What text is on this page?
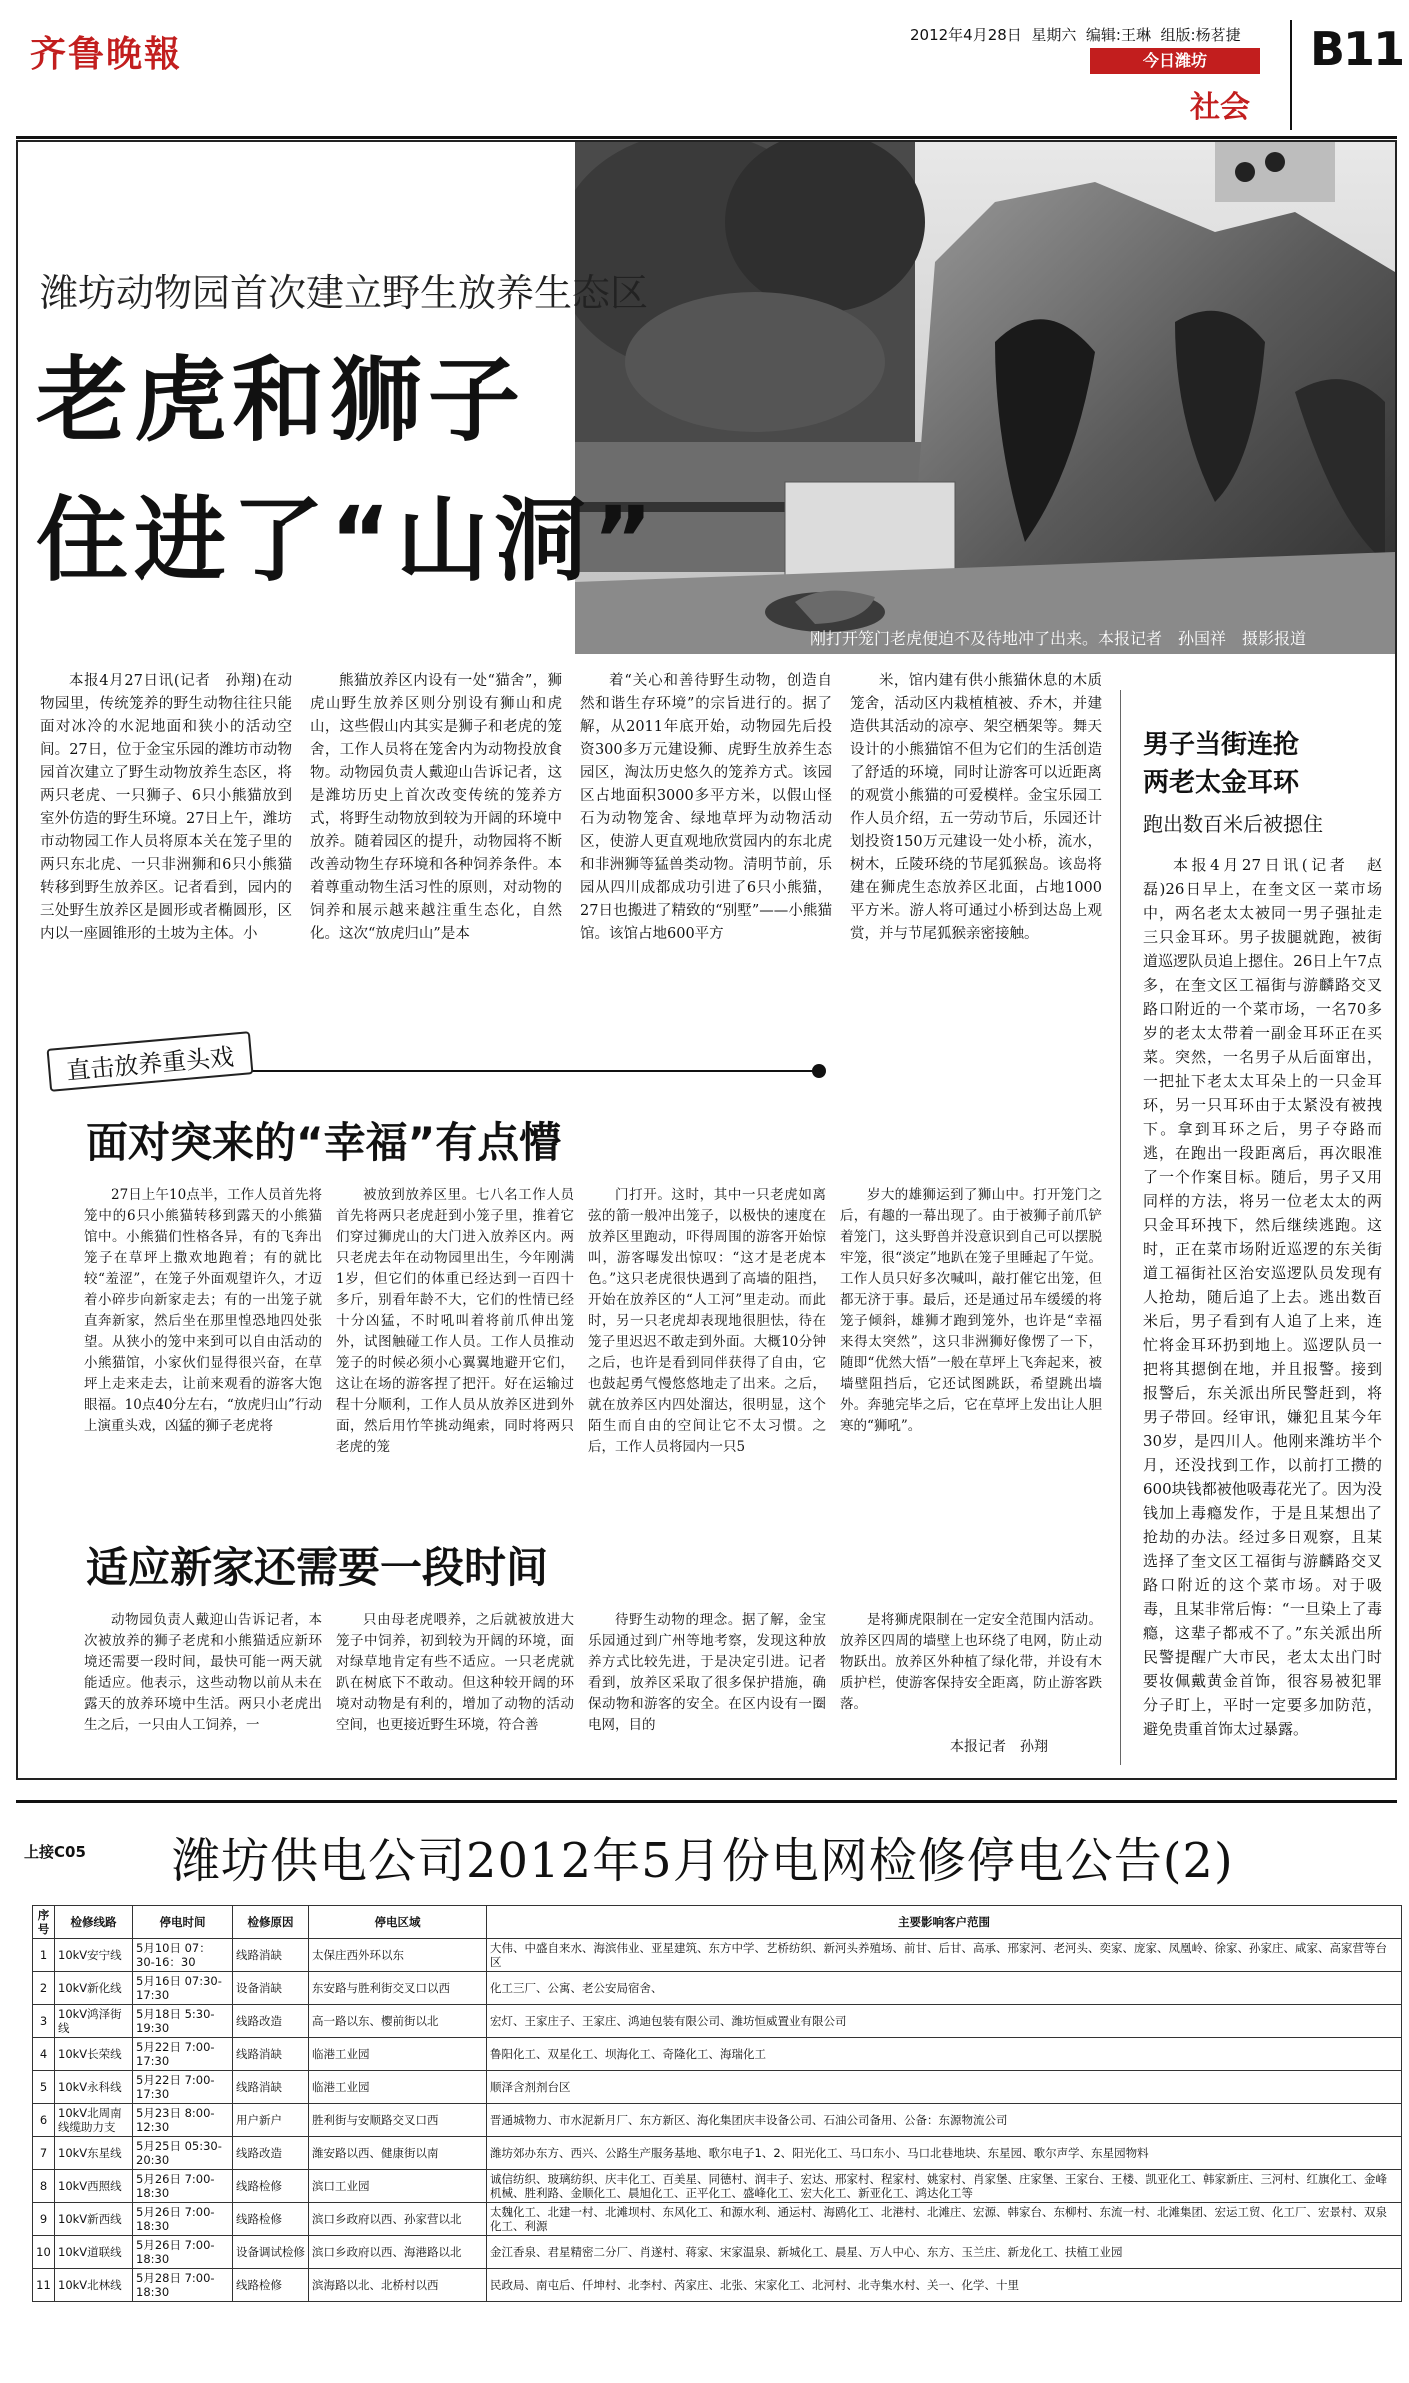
齐鲁晚報	2012年4月28日 星期六 编辑:王琳 组版:杨茗捷
今日潍坊
社会
B11
刚打开笼门老虎便迫不及待地冲了出来。本报记者　孙国祥　摄影报道
潍坊动物园首次建立野生放养生态区
老虎和狮子
住进了“山洞”

本报4月27日讯(记者　孙翔)在动物园里，传统笼养的野生动物往往只能面对冰冷的水泥地面和狭小的活动空间。27日，位于金宝乐园的潍坊市动物园首次建立了野生动物放养生态区，将两只老虎、一只狮子、6只小熊猫放到室外仿造的野生环境。27日上午，潍坊市动物园工作人员将原本关在笼子里的两只东北虎、一只非洲狮和6只小熊猫转移到野生放养区。记者看到，园内的三处野生放养区是圆形或者椭圆形，区内以一座圆锥形的土坡为主体。小

熊猫放养区内设有一处“猫舍”，狮虎山野生放养区则分别设有狮山和虎山，这些假山内其实是狮子和老虎的笼舍，工作人员将在笼舍内为动物投放食物。动物园负责人戴迎山告诉记者，这是潍坊历史上首次改变传统的笼养方式，将野生动物放到较为开阔的环境中放养。随着园区的提升，动物园将不断改善动物生存环境和各种饲养条件。本着尊重动物生活习性的原则，对动物的饲养和展示越来越注重生态化，自然化。这次“放虎归山”是本

着“关心和善待野生动物，创造自然和谐生存环境”的宗旨进行的。据了解，从2011年底开始，动物园先后投资300多万元建设狮、虎野生放养生态园区，淘汰历史悠久的笼养方式。该园区占地面积3000多平方米，以假山怪石为动物笼舍、绿地草坪为动物活动区，使游人更直观地欣赏园内的东北虎和非洲狮等猛兽类动物。清明节前，乐园从四川成都成功引进了6只小熊猫，27日也搬进了精致的“别墅”——小熊猫馆。该馆占地600平方

米，馆内建有供小熊猫休息的木质笼舍，活动区内栽植植被、乔木，并建造供其活动的凉亭、架空栖架等。舞天设计的小熊猫馆不但为它们的生活创造了舒适的环境，同时让游客可以近距离的观赏小熊猫的可爱模样。金宝乐园工作人员介绍，五一劳动节后，乐园还计划投资150万元建设一处小桥，流水，树木，丘陵环绕的节尾狐猴岛。该岛将建在狮虎生态放养区北面，占地1000平方米。游人将可通过小桥到达岛上观赏，并与节尾狐猴亲密接触。

男子当街连抢
两老太金耳环
跑出数百米后被摁住

本报4月27日讯(记者　赵磊)26日早上，在奎文区一菜市场中，两名老太太被同一男子强扯走三只金耳环。男子拔腿就跑，被街道巡逻队员追上摁住。26日上午7点多，在奎文区工福街与游麟路交叉路口附近的一个菜市场，一名70多岁的老太太带着一副金耳环正在买菜。突然，一名男子从后面窜出，一把扯下老太太耳朵上的一只金耳环，另一只耳环由于太紧没有被拽下。拿到耳环之后，男子夺路而逃，在跑出一段距离后，再次眼准了一个作案目标。随后，男子又用同样的方法，将另一位老太太的两只金耳环拽下，然后继续逃跑。这时，正在菜市场附近巡逻的东关街道工福街社区治安巡逻队员发现有人抢劫，随后追了上去。逃出数百米后，男子看到有人追了上来，连忙将金耳环扔到地上。巡逻队员一把将其摁倒在地，并且报警。接到报警后，东关派出所民警赶到，将男子带回。经审讯，嫌犯且某今年30岁，是四川人。他刚来潍坊半个月，还没找到工作，以前打工攒的600块钱都被他吸毒花光了。因为没钱加上毒瘾发作，于是且某想出了抢劫的办法。经过多日观察，且某选择了奎文区工福街与游麟路交叉路口附近的这个菜市场。对于吸毒，且某非常后悔：“一旦染上了毒瘾，这辈子都戒不了。”东关派出所民警提醒广大市民，老太太出门时要妆佩戴黄金首饰，很容易被犯罪分子盯上，平时一定要多加防范，避免贵重首饰太过暴露。

直击放养重头戏
面对突来的“幸福”有点懵

27日上午10点半，工作人员首先将笼中的6只小熊猫转移到露天的小熊猫馆中。小熊猫们性格各异，有的飞奔出笼子在草坪上撒欢地跑着；有的就比较“羞涩”，在笼子外面观望许久，才迈着小碎步向新家走去；有的一出笼子就直奔新家，然后坐在那里惶恐地四处张望。从狭小的笼中来到可以自由活动的小熊猫馆，小家伙们显得很兴奋，在草坪上走来走去，让前来观看的游客大饱眼福。10点40分左右，“放虎归山”行动上演重头戏，凶猛的狮子老虎将

被放到放养区里。七八名工作人员首先将两只老虎赶到小笼子里，推着它们穿过狮虎山的大门进入放养区内。两只老虎去年在动物园里出生，今年刚满1岁，但它们的体重已经达到一百四十多斤，别看年龄不大，它们的性情已经十分凶猛，不时吼叫着将前爪伸出笼外，试图触碰工作人员。工作人员推动笼子的时候必须小心翼翼地避开它们，这让在场的游客捏了把汗。好在运输过程十分顺利，工作人员从放养区进到外面，然后用竹竿挑动绳索，同时将两只老虎的笼

门打开。这时，其中一只老虎如离弦的箭一般冲出笼子，以极快的速度在放养区里跑动，吓得周围的游客开始惊叫，游客曝发出惊叹：“这才是老虎本色。”这只老虎很快遇到了高墙的阻挡，开始在放养区的“人工河”里走动。而此时，另一只老虎却表现地很胆怯，待在笼子里迟迟不敢走到外面。大概10分钟之后，也许是看到同伴获得了自由，它也鼓起勇气慢悠悠地走了出来。之后，就在放养区内四处溜达，很明显，这个陌生而自由的空间让它不太习惯。之后，工作人员将园内一只5

岁大的雄狮运到了狮山中。打开笼门之后，有趣的一幕出现了。由于被狮子前爪铲着笼门，这头野兽并没意识到自己可以摆脱牢笼，很“淡定”地趴在笼子里睡起了午觉。工作人员只好多次喊叫，敲打催它出笼，但都无济于事。最后，还是通过吊车缓缓的将笼子倾斜，雄狮才跑到笼外，也许是“幸福来得太突然”，这只非洲狮好像愣了一下，随即“优然大悟”一般在草坪上飞奔起来，被墙壁阻挡后，它还试图跳跃，希望跳出墙外。奔驰完毕之后，它在草坪上发出让人胆寒的“狮吼”。

适应新家还需要一段时间

动物园负责人戴迎山告诉记者，本次被放养的狮子老虎和小熊猫适应新环境还需要一段时间，最快可能一两天就能适应。他表示，这些动物以前从未在露天的放养环境中生活。两只小老虎出生之后，一只由人工饲养，一

只由母老虎喂养，之后就被放进大笼子中饲养，初到较为开阔的环境，面对绿草地肯定有些不适应。一只老虎就趴在树底下不敢动。但这种较开阔的环境对动物是有利的，增加了动物的活动空间，也更接近野生环境，符合善

待野生动物的理念。据了解，金宝乐园通过到广州等地考察，发现这种放养方式比较先进，于是决定引进。记者看到，放养区采取了很多保护措施，确保动物和游客的安全。在区内设有一圈电网，目的

是将狮虎限制在一定安全范围内活动。放养区四周的墙壁上也环绕了电网，防止动物跃出。放养区外种植了绿化带，并设有木质护栏，使游客保持安全距离，防止游客跌落。

本报记者　孙翔
上接C05 潍坊供电公司2012年5月份电网检修停电公告(2)
序号	检修线路	停电时间	检修原因	停电区域	主要影响客户范围
1	10kV安宁线	5月10日 07：30-16：30	线路消缺	太保庄西外环以东	大伟、中盛自来水、海滨伟业、亚星建筑、东方中学、艺桥纺织、新河头养殖场、前甘、后甘、高承、邢家河、老河头、奕家、庞家、凤凰岭、徐家、孙家庄、咸家、高家营等台区
2	10kV新化线	5月16日 07:30-17:30	设备消缺	东安路与胜利街交叉口以西	化工三厂、公寓、老公安局宿舍、
3	10kV鸿泽街线	5月18日 5:30-19:30	线路改造	高一路以东、樱前街以北	宏灯、王家庄子、王家庄、鸿迪包装有限公司、潍坊恒威置业有限公司
4	10kV长荣线	5月22日 7:00-17:30	线路消缺	临港工业园	鲁阳化工、双星化工、坝海化工、奇隆化工、海瑞化工
5	10kV永科线	5月22日 7:00-17:30	线路消缺	临港工业园	顺泽含剂剂台区
6	10kV北周南线缆助力支	5月23日 8:00-12:30	用户新户	胜利街与安顺路交叉口西	晋通城物力、市水泥新月厂、东方新区、海化集团庆丰设备公司、石油公司备用、公备：东源物流公司
7	10kV东星线	5月25日 05:30-20:30	线路改造	潍安路以西、健康街以南	潍坊郊办东方、西兴、公路生产服务基地、歌尔电子1、2、阳光化工、马口东小、马口北巷地块、东星园、歌尔声学、东星园物料
8	10kV西照线	5月26日 7:00-18:30	线路检修	滨口工业园	诚信纺织、玻璃纺织、庆丰化工、百美星、同德村、润丰子、宏达、邢家村、程家村、姚家村、肖家堡、庄家堡、王家台、王楼、凯亚化工、韩家新庄、三河村、红旗化工、金峰机械、胜利路、金顺化工、晨旭化工、正平化工、盛峰化工、宏大化工、新亚化工、鸿达化工等
9	10kV新西线	5月26日 7:00-18:30	线路检修	滨口乡政府以西、孙家营以北	太魏化工、北建一村、北滩坝村、东风化工、和源水利、通运村、海鸥化工、北港村、北滩庄、宏源、韩家台、东柳村、东流一村、北滩集团、宏运工贸、化工厂、宏景村、双泉化工、利源
10	10kV道联线	5月26日 7:00-18:30	设备调试检修	滨口乡政府以西、海港路以北	金江香泉、君星精密二分厂、肖遂村、蒋家、宋家温泉、新城化工、晨星、万人中心、东方、玉兰庄、新龙化工、扶植工业园
11	10kV北林线	5月28日 7:00-18:30	线路检修	滨海路以北、北桥村以西	民政局、南屯后、仟坤村、北李村、芮家庄、北张、宋家化工、北河村、北寺集水村、关一、化学、十里
